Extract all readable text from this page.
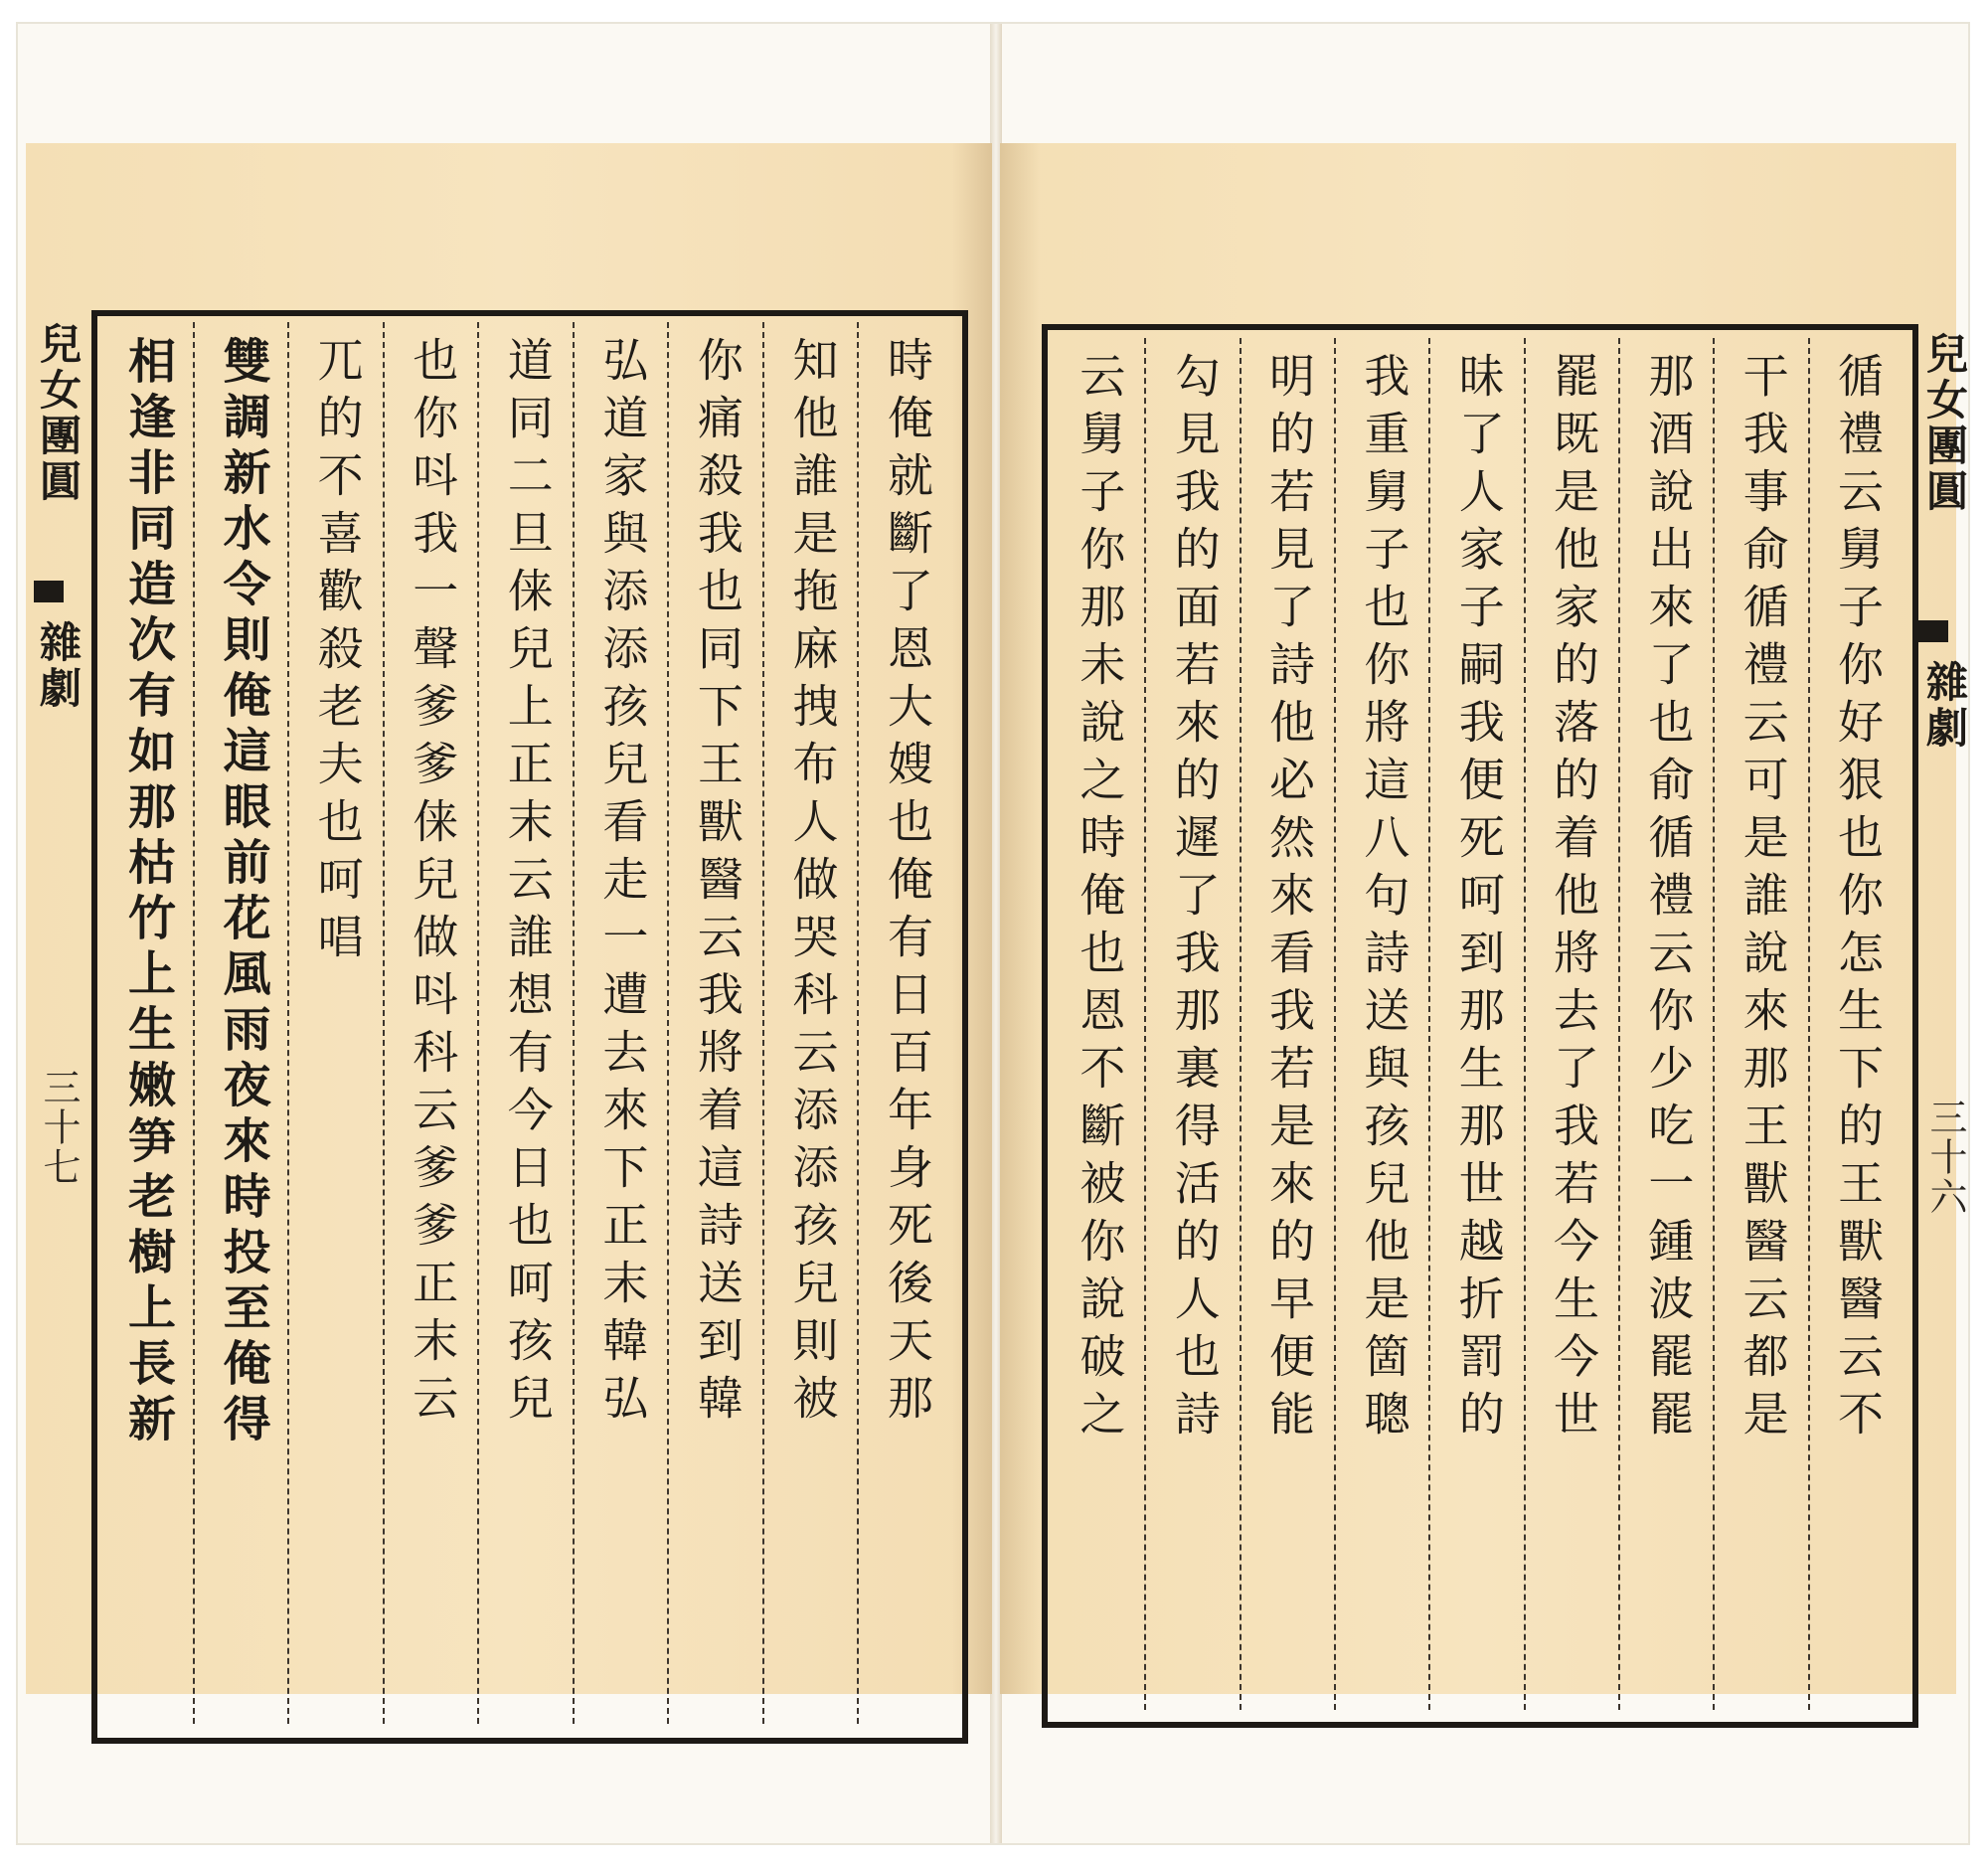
時俺就斷了恩大嫂也俺有日百年身死後天那
知他誰是拖麻拽布人做哭科云添添孩兒則被
你痛殺我也同下王獸醫云我將着這詩送到韓
弘道家與添添孩兒看走一遭去來下正末韓弘
道同二旦俫兒上正末云誰想有今日也呵孩兒
也你呌我一聲爹爹俫兒做呌科云爹爹正末云
兀的不喜歡殺老夫也呵唱
雙調新水令則俺這眼前花風雨夜來時投至俺得
相逢非同造次有如那枯竹上生嫩笋老樹上長新
兒女團圓
雜劇
三十七	循禮云舅子你好狠也你怎生下的王獸醫云不
干我事俞循禮云可是誰說來那王獸醫云都是
那酒說出來了也俞循禮云你少吃一鍾波罷罷
罷既是他家的落的着他將去了我若今生今世
昧了人家子嗣我便死呵到那生那世越折罰的
我重舅子也你將這八句詩送與孩兒他是箇聰
明的若見了詩他必然來看我若是來的早便能
勾見我的面若來的遲了我那裏得活的人也詩
云舅子你那未說之時俺也恩不斷被你說破之	兒女團圓
雜劇
三十六
